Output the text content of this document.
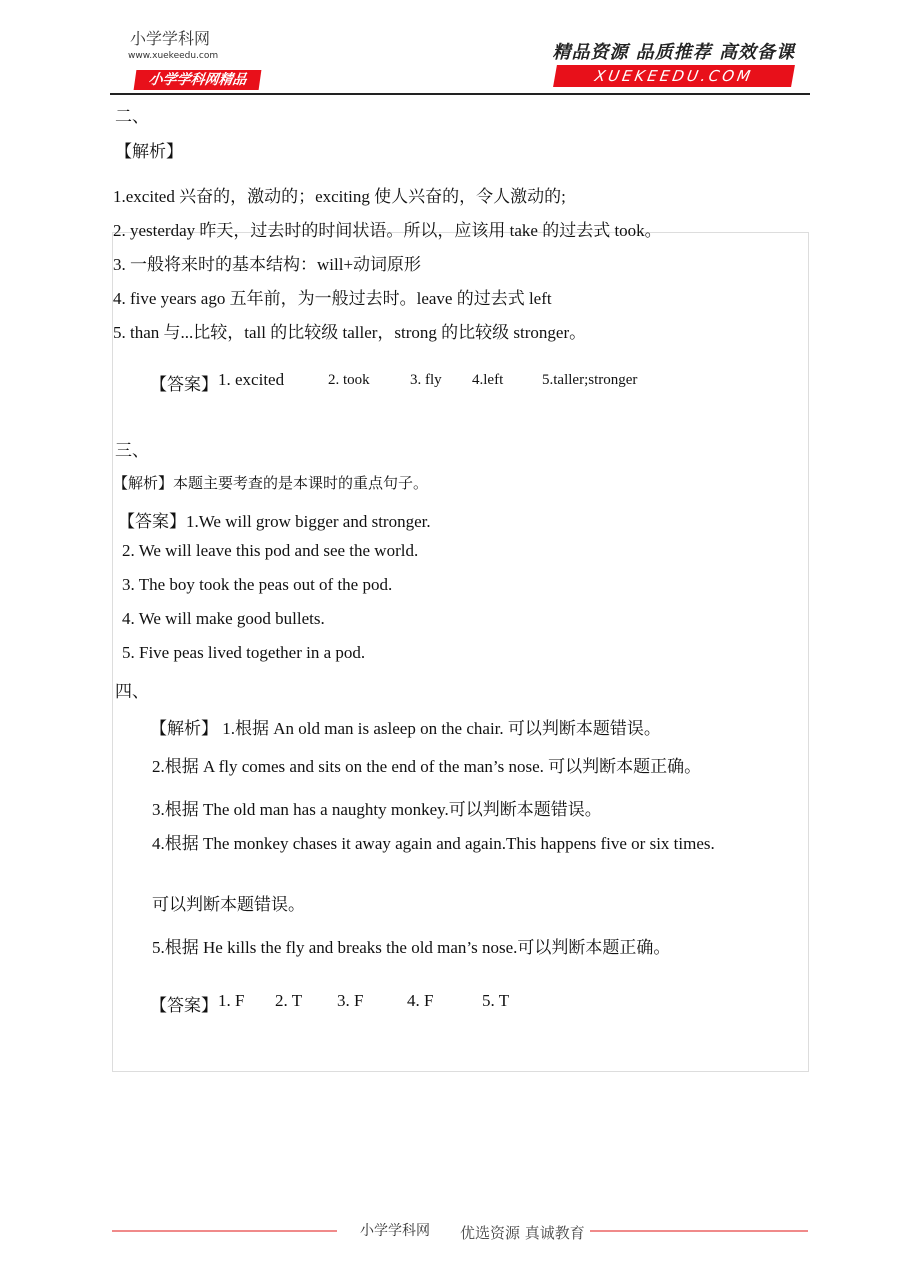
小学学科网
www.xuekeedu.com
小学学科网精品
精品资源 品质推荐 高效备课
XUEKEEDU.COM
二、
【解析】
1.excited 兴奋的，激动的；exciting 使人兴奋的，令人激动的;
2. yesterday 昨天，过去时的时间状语。所以，应该用 take 的过去式 took。
3. 一般将来时的基本结构：will+动词原形
4. five years ago 五年前，为一般过去时。leave 的过去式 left
5. than 与...比较，tall 的比较级 taller，strong 的比较级 stronger。
【答案】 1. excited	2. took	3. fly 4.left	5.taller;stronger
三、
【解析】本题主要考查的是本课时的重点句子。
【答案】1.We will grow bigger and stronger.
2. We will leave this pod and see the world.
3. The boy took the peas out of the pod.
4. We will make good bullets.
5. Five peas lived together in a pod.
四、
【解析】 1.根据 An old man is asleep on the chair. 可以判断本题错误。
2.根据 A fly comes and sits on the end of the man’s nose. 可以判断本题正确。
3.根据 The old man has a naughty monkey.可以判断本题错误。
4.根据 The monkey chases it away again and again.This happens five or six times.
可以判断本题错误。
5.根据 He kills the fly and breaks the old man’s nose.可以判断本题正确。
【答案】 1. F 2. T 3. F	4. F	5. T
小学学科网 优选资源 真诚教育
